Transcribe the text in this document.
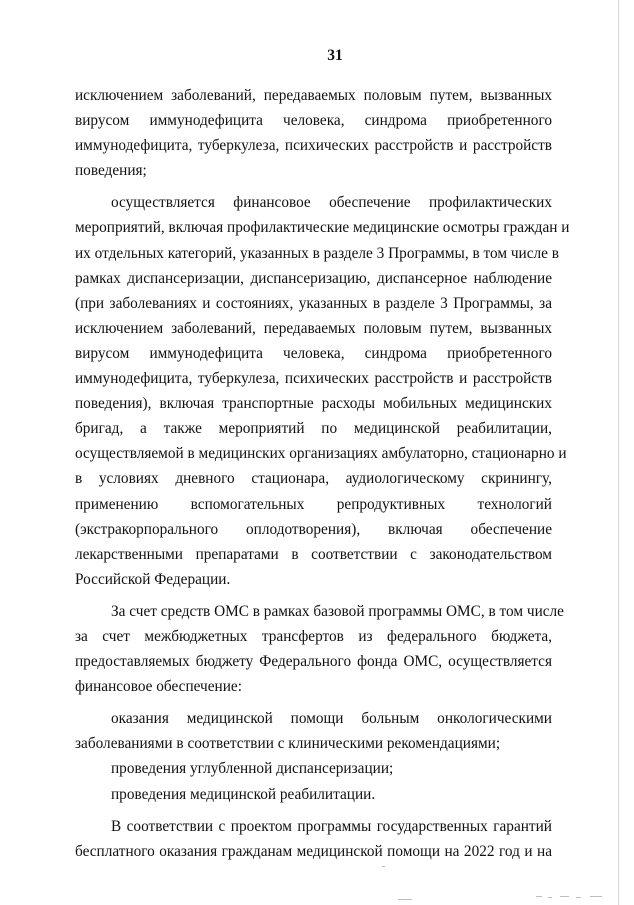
31
исключением заболеваний, передаваемых половым путем, вызванных
вирусом иммунодефицита человека, синдрома приобретенного
иммунодефицита, туберкулеза, психических расстройств и расстройств
поведения;
осуществляется финансовое обеспечение профилактических
мероприятий, включая профилактические медицинские осмотры граждан и
их отдельных категорий, указанных в разделе 3 Программы, в том числе в
рамках диспансеризации, диспансеризацию, диспансерное наблюдение
(при заболеваниях и состояниях, указанных в разделе 3 Программы, за
исключением заболеваний, передаваемых половым путем, вызванных
вирусом иммунодефицита человека, синдрома приобретенного
иммунодефицита, туберкулеза, психических расстройств и расстройств
поведения), включая транспортные расходы мобильных медицинских
бригад, а также мероприятий по медицинской реабилитации,
осуществляемой в медицинских организациях амбулаторно, стационарно и
в условиях дневного стационара, аудиологическому скринингу,
применению вспомогательных репродуктивных технологий
(экстракорпорального оплодотворения), включая обеспечение
лекарственными препаратами в соответствии с законодательством
Российской Федерации.
За счет средств ОМС в рамках базовой программы ОМС, в том числе
за счет межбюджетных трансфертов из федерального бюджета,
предоставляемых бюджету Федерального фонда ОМС, осуществляется
финансовое обеспечение:
оказания медицинской помощи больным онкологическими
заболеваниями в соответствии с клиническими рекомендациями;
проведения углубленной диспансеризации;
проведения медицинской реабилитации.
В соответствии с проектом программы государственных гарантий
бесплатного оказания гражданам медицинской помощи на 2022 год и на
